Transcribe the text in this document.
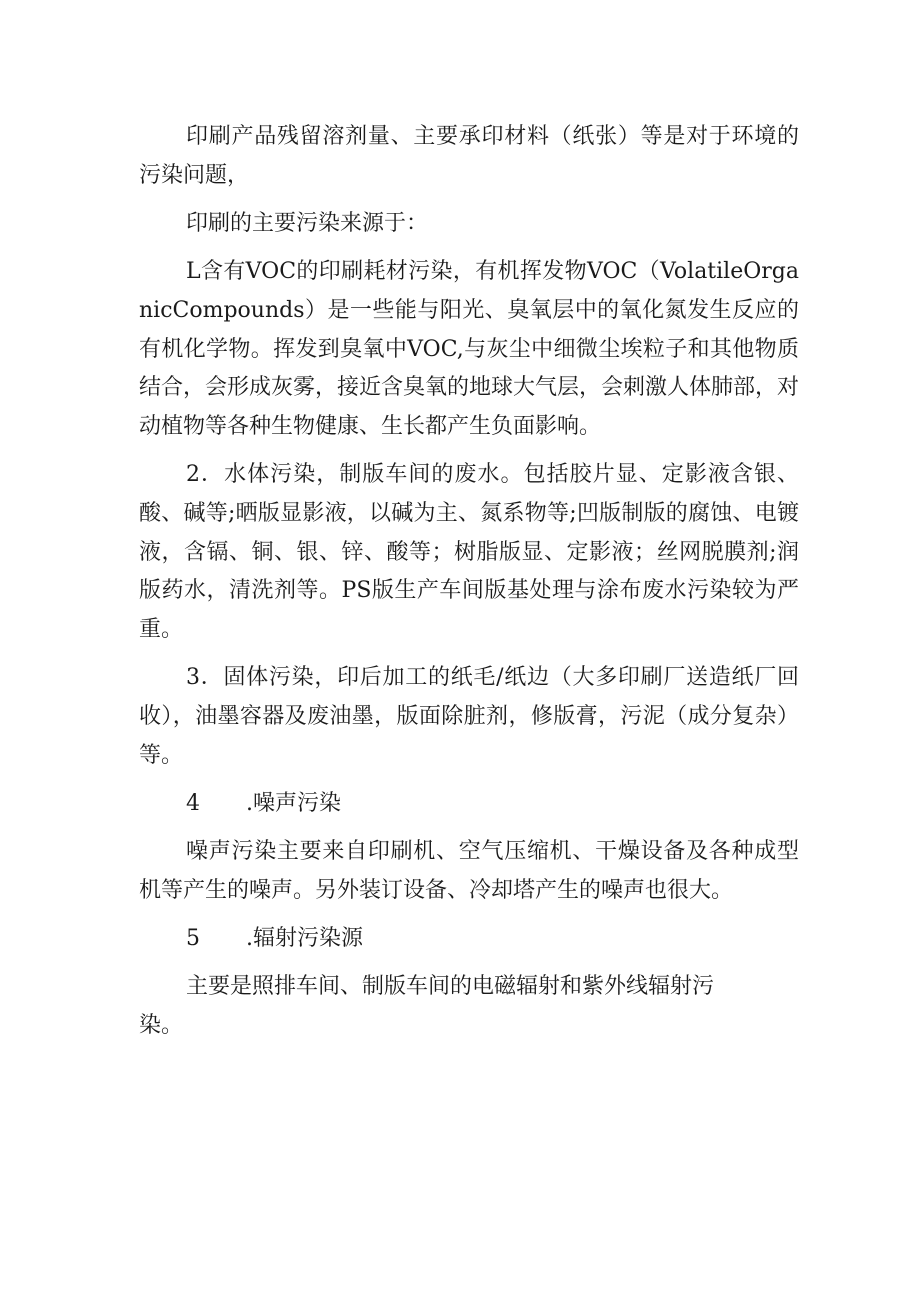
印刷产品残留溶剂量、主要承印材料（纸张）等是对于环境的污染问题，

印刷的主要污染来源于：

L含有VOC的印刷耗材污染，有机挥发物VOC（VolatileOrganicCompounds）是一些能与阳光、臭氧层中的氧化氮发生反应的有机化学物。挥发到臭氧中VOC,与灰尘中细微尘埃粒子和其他物质结合，会形成灰雾，接近含臭氧的地球大气层，会刺激人体肺部，对动植物等各种生物健康、生长都产生负面影响。

2．水体污染，制版车间的废水。包括胶片显、定影液含银、酸、碱等;晒版显影液，以碱为主、氮系物等;凹版制版的腐蚀、电镀液，含镉、铜、银、锌、酸等；树脂版显、定影液；丝网脱膜剂;润版药水，清洗剂等。PS版生产车间版基处理与涂布废水污染较为严重。

3．固体污染，印后加工的纸毛/纸边（大多印刷厂送造纸厂回收），油墨容器及废油墨，版面除脏剂，修版膏，污泥（成分复杂）等。

4 .噪声污染

噪声污染主要来自印刷机、空气压缩机、干燥设备及各种成型机等产生的噪声。另外装订设备、冷却塔产生的噪声也很大。

5 .辐射污染源

主要是照排车间、制版车间的电磁辐射和紫外线辐射污染。
